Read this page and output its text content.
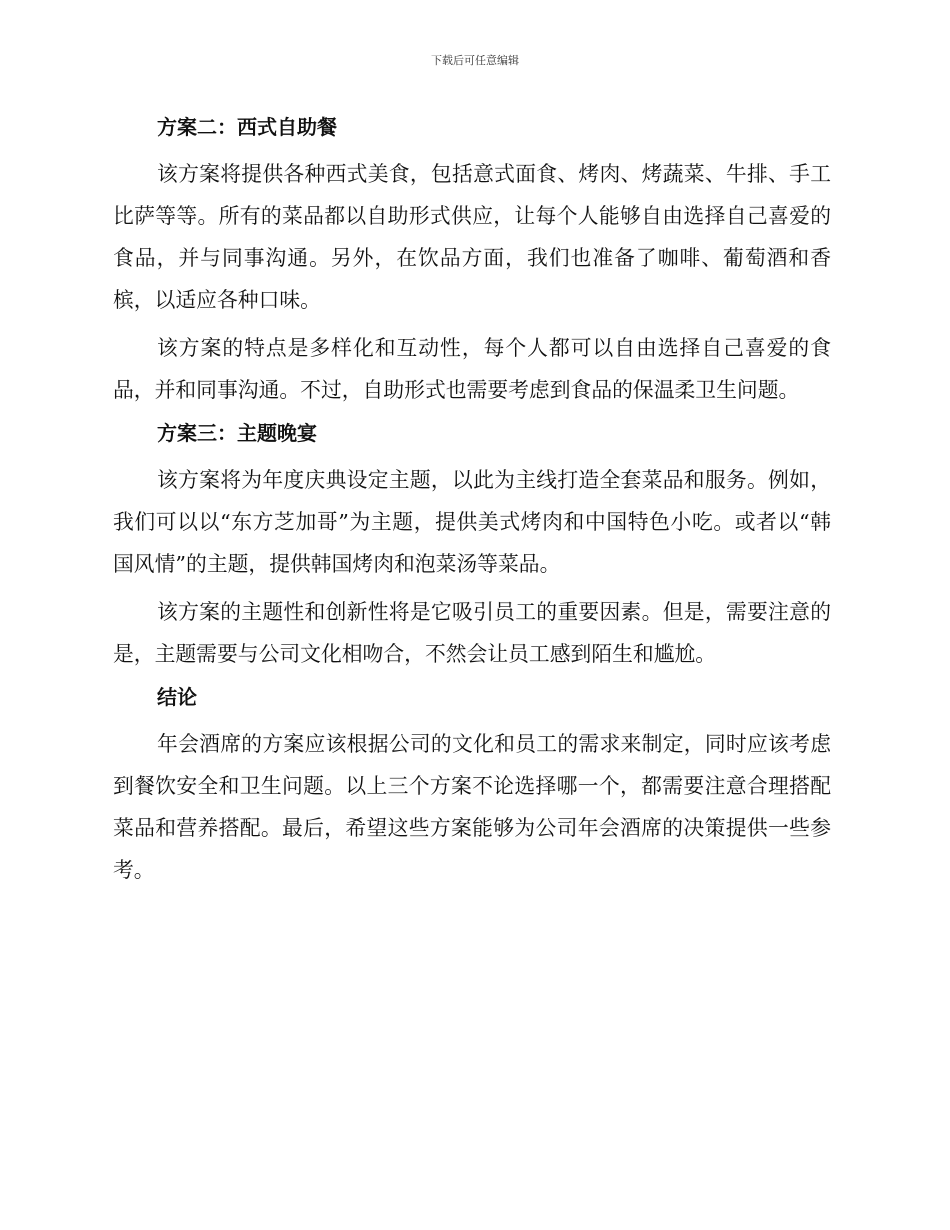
下载后可任意编辑
方案二：西式自助餐

该方案将提供各种西式美食，包括意式面食、烤肉、烤蔬菜、牛排、手工比萨等等。所有的菜品都以自助形式供应，让每个人能够自由选择自己喜爱的食品，并与同事沟通。另外，在饮品方面，我们也准备了咖啡、葡萄酒和香槟，以适应各种口味。

该方案的特点是多样化和互动性，每个人都可以自由选择自己喜爱的食品，并和同事沟通。不过，自助形式也需要考虑到食品的保温柔卫生问题。

方案三：主题晚宴

该方案将为年度庆典设定主题，以此为主线打造全套菜品和服务。例如，我们可以以“东方芝加哥”为主题，提供美式烤肉和中国特色小吃。或者以“韩国风情”的主题，提供韩国烤肉和泡菜汤等菜品。

该方案的主题性和创新性将是它吸引员工的重要因素。但是，需要注意的是，主题需要与公司文化相吻合，不然会让员工感到陌生和尴尬。

结论

年会酒席的方案应该根据公司的文化和员工的需求来制定，同时应该考虑到餐饮安全和卫生问题。以上三个方案不论选择哪一个，都需要注意合理搭配菜品和营养搭配。最后，希望这些方案能够为公司年会酒席的决策提供一些参考。
